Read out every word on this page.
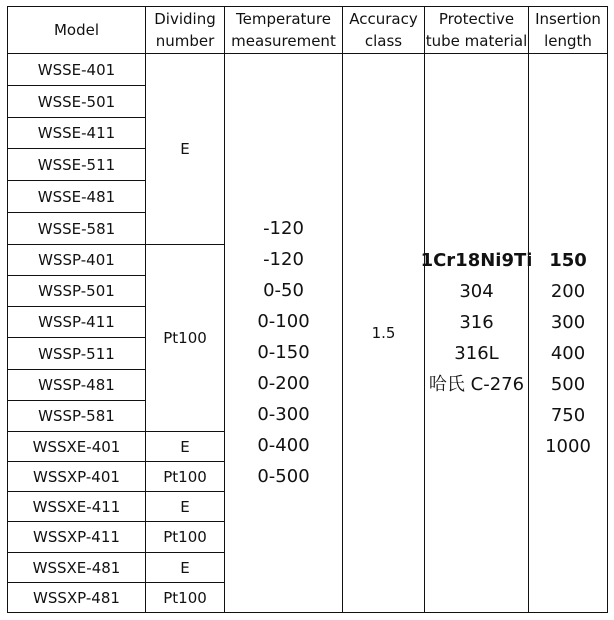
Model
Dividing
number
Temperature
measurement
Accuracy
class
Protective
tube material
Insertion
length
WSSE-401
WSSE-501
WSSE-411
WSSE-511
WSSE-481
WSSE-581
WSSP-401
WSSP-501
WSSP-411
WSSP-511
WSSP-481
WSSP-581
WSSXE-401
WSSXP-401
WSSXE-411
WSSXP-411
WSSXE-481
WSSXP-481
E
Pt100
E
Pt100
E
Pt100
E
Pt100
-120
-120
0-50
0-100
0-150
0-200
0-300
0-400
0-500
1.5
1Cr18Ni9Ti
304
316
316L
哈氏 C-276
150
200
300
400
500
750
1000
